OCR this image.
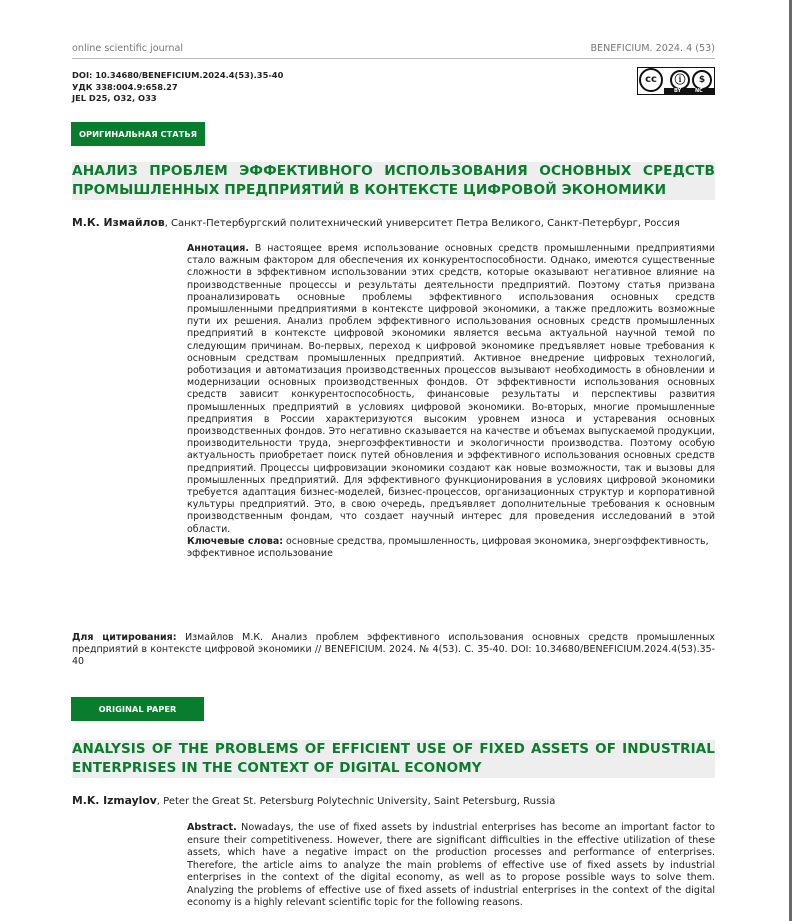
online scientific journal	BENEFICIUM. 2024. 4 (53)
DOI: 10.34680/BENEFICIUM.2024.4(53).35-40
УДК 338:004.9:658.27
JEL D25, O32, O33
cc	ⓘ	$
BY	NC
ОРИГИНАЛЬНАЯ СТАТЬЯ
АНАЛИЗ ПРОБЛЕМ ЭФФЕКТИВНОГО ИСПОЛЬЗОВАНИЯ ОСНОВНЫХ СРЕДСТВ
ПРОМЫШЛЕННЫХ ПРЕДПРИЯТИЙ В КОНТЕКСТЕ ЦИФРОВОЙ ЭКОНОМИКИ
М.К. Измайлов, Санкт-Петербургский политехнический университет Петра Великого, Санкт-Петербург, Россия
Аннотация. В настоящее время использование основных средств промышленными предприятиями стало важным фактором для обеспечения их конкурентоспособности. Однако, имеются существенные сложности в эффективном использовании этих средств, которые оказывают негативное влияние на производственные процессы и результаты деятельности предприятий. Поэтому статья призвана проанализировать основные проблемы эффективного использования основных средств промышленными предприятиями в контексте цифровой экономики, а также предложить возможные пути их решения. Анализ проблем эффективного использования основных средств промышленных предприятий в контексте цифровой экономики является весьма актуальной научной темой по следующим причинам. Во-первых, переход к цифровой экономике предъявляет новые требования к основным средствам промышленных предприятий. Активное внедрение цифровых технологий, роботизация и автоматизация производственных процессов вызывают необходимость в обновлении и модернизации основных производственных фондов. От эффективности использования основных средств зависит конкурентоспособность, финансовые результаты и перспективы развития промышленных предприятий в условиях цифровой экономики. Во-вторых, многие промышленные предприятия в России характеризуются высоким уровнем износа и устаревания основных производственных фондов. Это негативно сказывается на качестве и объемах выпускаемой продукции, производительности труда, энергоэффективности и экологичности производства. Поэтому особую актуальность приобретает поиск путей обновления и эффективного использования основных средств предприятий. Процессы цифровизации экономики создают как новые возможности, так и вызовы для промышленных предприятий. Для эффективного функционирования в условиях цифровой экономики требуется адаптация бизнес-моделей, бизнес-процессов, организационных структур и корпоративной культуры предприятий. Это, в свою очередь, предъявляет дополнительные требования к основным производственным фондам, что создает научный интерес для проведения исследований в этой области.
Ключевые слова: основные средства, промышленность, цифровая экономика, энергоэффективность, эффективное использование
Для цитирования: Измайлов М.К. Анализ проблем эффективного использования основных средств промышленных предприятий в контексте цифровой экономики // BENEFICIUM. 2024. № 4(53). С. 35-40. DOI: 10.34680/BENEFICIUM.2024.4(53).35-40
ORIGINAL PAPER
ANALYSIS OF THE PROBLEMS OF EFFICIENT USE OF FIXED ASSETS OF INDUSTRIAL
ENTERPRISES IN THE CONTEXT OF DIGITAL ECONOMY
M.K. Izmaylov, Peter the Great St. Petersburg Polytechnic University, Saint Petersburg, Russia
Abstract. Nowadays, the use of fixed assets by industrial enterprises has become an important factor to ensure their competitiveness. However, there are significant difficulties in the effective utilization of these assets, which have a negative impact on the production processes and performance of enterprises. Therefore, the article aims to analyze the main problems of effective use of fixed assets by industrial enterprises in the context of the digital economy, as well as to propose possible ways to solve them. Analyzing the problems of effective use of fixed assets of industrial enterprises in the context of the digital economy is a highly relevant scientific topic for the following reasons.
